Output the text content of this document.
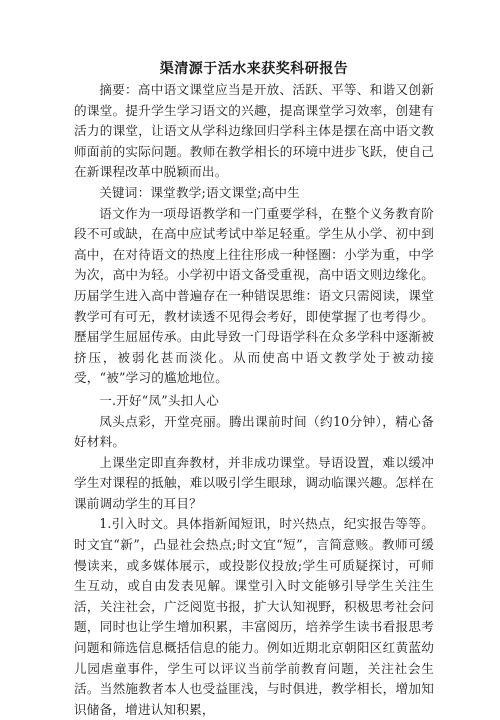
渠清源于活水来获奖科研报告

摘要：高中语文课堂应当是开放、活跃、平等、和谐又创新的课堂。提升学生学习语文的兴趣，提高课堂学习效率，创建有活力的课堂，让语文从学科边缘回归学科主体是摆在高中语文教师面前的实际问题。教师在教学相长的环境中进步飞跃，使自己在新课程改革中脱颖而出。

关键词：课堂教学;语文课堂;高中生

语文作为一项母语教学和一门重要学科，在整个义务教育阶段不可或缺，在高中应试考试中举足轻重。学生从小学、初中到高中，在对待语文的热度上往往形成一种怪圈：小学为重，中学为次，高中为轻。小学初中语文备受重视，高中语文则边缘化。历届学生进入高中普遍存在一种错误思维：语文只需阅读，课堂教学可有可无，教材读透不见得会考好，即使掌握了也考得少。歷届学生屈屈传承。由此导致一门母语学科在众多学科中逐渐被挤压，被弱化甚而淡化。从而使高中语文教学处于被动接受，“被”学习的尴尬地位。

一.开好“凤”头扣人心

凤头点彩，开堂亮丽。腾出课前时间（约10分钟），精心备好材料。

上课坐定即直奔教材，并非成功课堂。导语设置，难以缓冲学生对课程的抵触，难以吸引学生眼球，调动临课兴趣。怎样在课前调动学生的耳目？

1.引入时文。具体指新闻短讯，时兴热点，纪实报告等等。时文宜“新”，凸显社会热点;时文宜“短”，言简意赅。教师可缓慢读来，或多媒体展示，或投影仪投放;学生可质疑探讨，可师生互动，或自由发表见解。课堂引入时文能够引导学生关注生活，关注社会，广泛阅览书报，扩大认知视野，积极思考社会问题，同时也让学生增加积累，丰富阅历，培养学生读书看报思考问题和筛选信息概括信息的能力。例如近期北京朝阳区红黄蓝幼儿园虐童事件，学生可以评议当前学前教育问题，关注社会生活。当然施教者本人也受益匪浅，与时俱进，教学相长，增加知识储备，增进认知积累，
